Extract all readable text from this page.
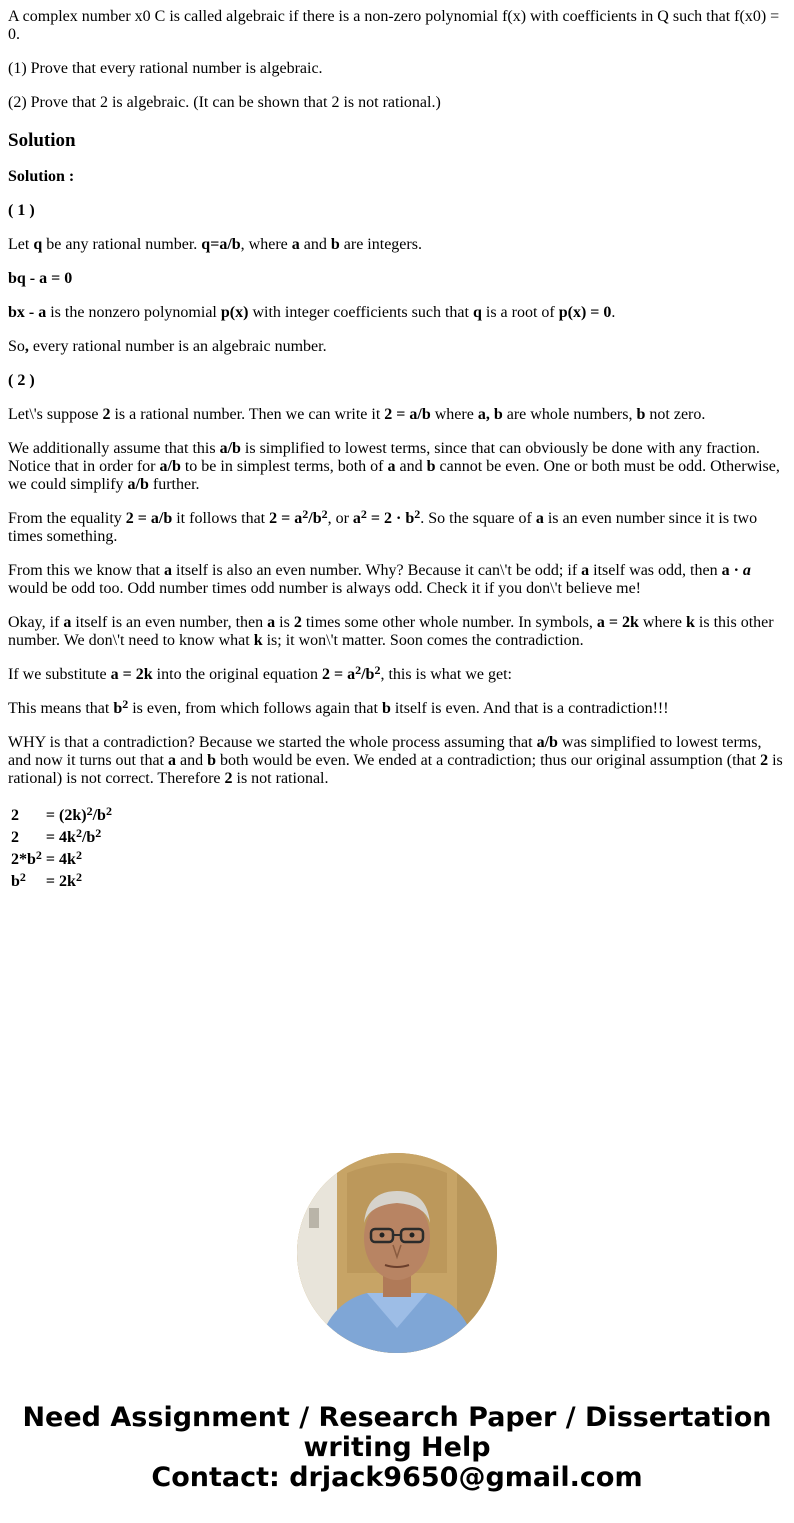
A complex number x0 C is called algebraic if there is a non-zero polynomial f(x) with coefficients in Q such that f(x0) = 0.

(1) Prove that every rational number is algebraic.

(2) Prove that 2 is algebraic. (It can be shown that 2 is not rational.)

Solution

Solution :

( 1 )

Let q be any rational number. q=a/b, where a and b are integers.

bq - a = 0

bx - a is the nonzero polynomial p(x) with integer coefficients such that q is a root of p(x) = 0.

So, every rational number is an algebraic number.

( 2 )

Let\'s suppose 2 is a rational number. Then we can write it 2 = a/b where a, b are whole numbers, b not zero.

We additionally assume that this a/b is simplified to lowest terms, since that can obviously be done with any fraction. Notice that in order for a/b to be in simplest terms, both of a and b cannot be even. One or both must be odd. Otherwise, we could simplify a/b further.

From the equality 2 = a/b it follows that $2 = a^2/b^2$, or $a^2 = 2 \cdot b^2$. So the square of a is an even number since it is two times something.

From this we know that a itself is also an even number. Why? Because it can\'t be odd; if a itself was odd, then a · a would be odd too. Odd number times odd number is always odd. Check it if you don\'t believe me!

Okay, if a itself is an even number, then a is 2 times some other whole number. In symbols, a = 2k where k is this other number. We don\'t need to know what k is; it won\'t matter. Soon comes the contradiction.

If we substitute a = 2k into the original equation $2 = a^2/b^2$, this is what we get:

This means that $b^2$ is even, from which follows again that b itself is even. And that is a contradiction!!!

WHY is that a contradiction? Because we started the whole process assuming that a/b was simplified to lowest terms, and now it turns out that a and b both would be even. We ended at a contradiction; thus our original assumption (that 2 is rational) is not correct. Therefore 2 is not rational.

2	=	$(2k)^2/b^2$
2	=	$4k^2/b^2$
$2*b^2$	=	$4k^2$
$b^2$	=	$2k^2$
Need Assignment / Research Paper / Dissertation
writing Help
Contact: drjack9650@gmail.com
